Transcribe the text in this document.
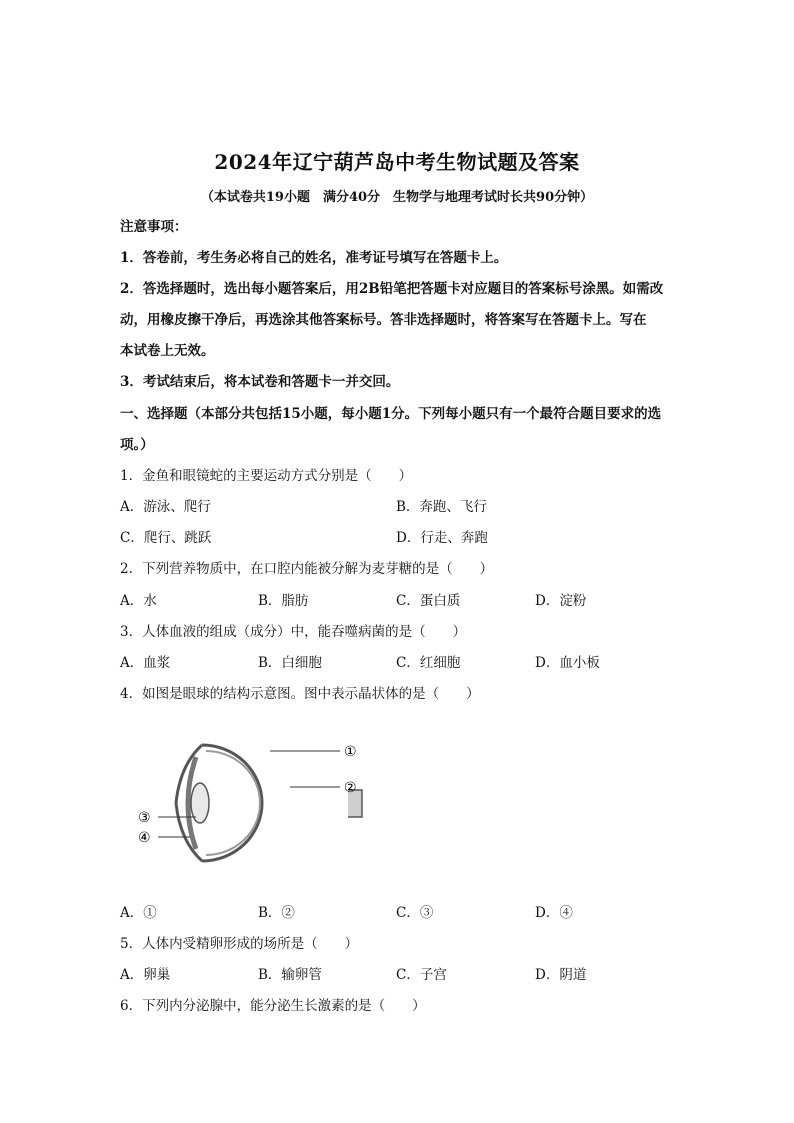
2024年辽宁葫芦岛中考生物试题及答案
（本试卷共19小题　满分40分　生物学与地理考试时长共90分钟）
注意事项：
1．答卷前，考生务必将自己的姓名，准考证号填写在答题卡上。
2．答选择题时，选出每小题答案后，用2B铅笔把答题卡对应题目的答案标号涂黑。如需改
动，用橡皮擦干净后，再选涂其他答案标号。答非选择题时，将答案写在答题卡上。写在
本试卷上无效。
3．考试结束后，将本试卷和答题卡一并交回。
一、选择题（本部分共包括15小题，每小题1分。下列每小题只有一个最符合题目要求的选
项。）
1．金鱼和眼镜蛇的主要运动方式分别是（　　）
A．游泳、爬行	B．奔跑、飞行
C．爬行、跳跃	D．行走、奔跑
2．下列营养物质中，在口腔内能被分解为麦芽糖的是（　　）
A．水	B．脂肪	C．蛋白质	D．淀粉
3．人体血液的组成（成分）中，能吞噬病菌的是（　　）
A．血浆	B．白细胞	C．红细胞	D．血小板
4．如图是眼球的结构示意图。图中表示晶状体的是（　　）
①
②
③
④
A．①	B．②	C．③	D．④
5．人体内受精卵形成的场所是（　　）
A．卵巢	B．输卵管	C．子宫	D．阴道
6．下列内分泌腺中，能分泌生长激素的是（　　）
